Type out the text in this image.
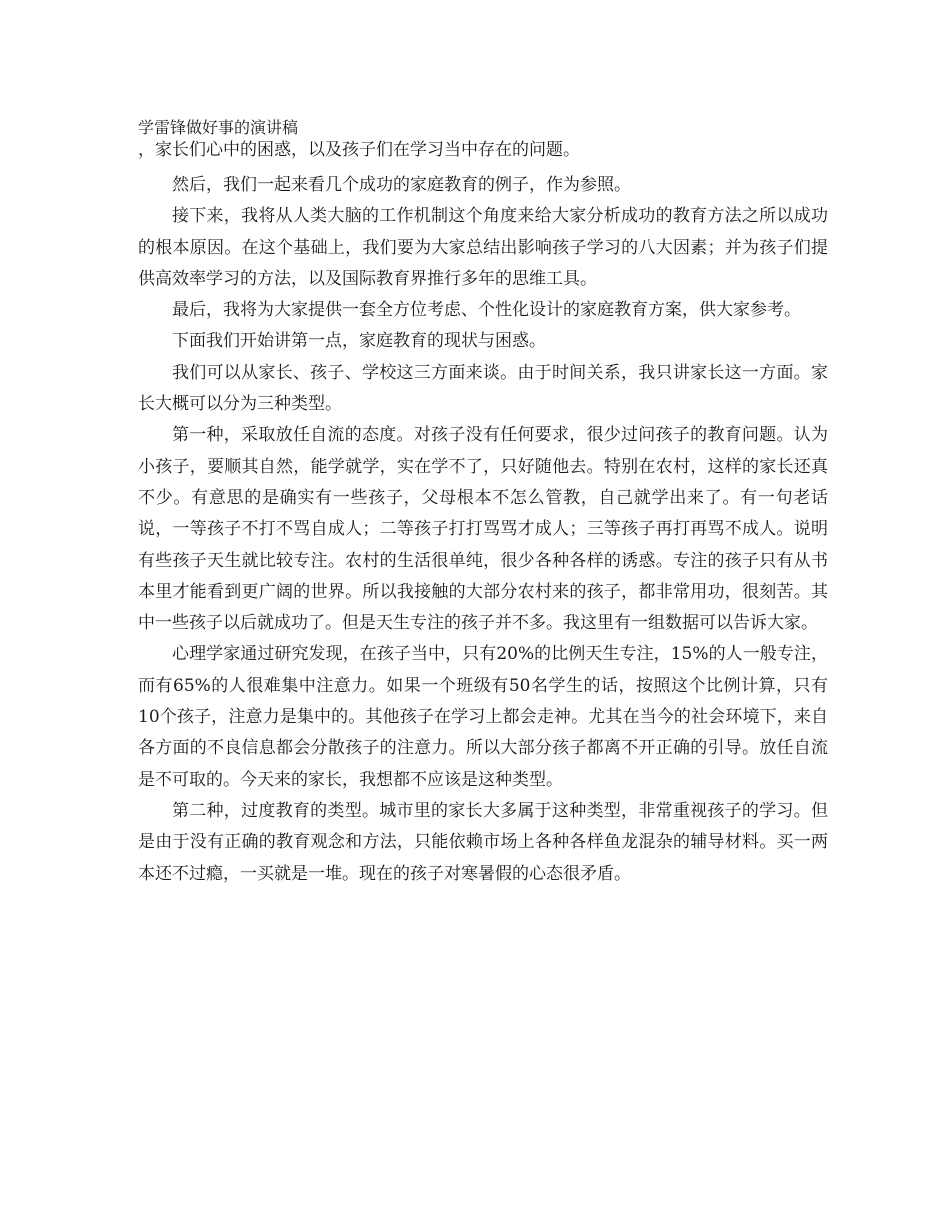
学雷锋做好事的演讲稿

，家长们心中的困惑，以及孩子们在学习当中存在的问题。

然后，我们一起来看几个成功的家庭教育的例子，作为参照。

接下来，我将从人类大脑的工作机制这个角度来给大家分析成功的教育方法之所以成功的根本原因。在这个基础上，我们要为大家总结出影响孩子学习的八大因素；并为孩子们提供高效率学习的方法，以及国际教育界推行多年的思维工具。

最后，我将为大家提供一套全方位考虑、个性化设计的家庭教育方案，供大家参考。

下面我们开始讲第一点，家庭教育的现状与困惑。

我们可以从家长、孩子、学校这三方面来谈。由于时间关系，我只讲家长这一方面。家长大概可以分为三种类型。

第一种，采取放任自流的态度。对孩子没有任何要求，很少过问孩子的教育问题。认为小孩子，要顺其自然，能学就学，实在学不了，只好随他去。特别在农村，这样的家长还真不少。有意思的是确实有一些孩子，父母根本不怎么管教，自己就学出来了。有一句老话说，一等孩子不打不骂自成人；二等孩子打打骂骂才成人；三等孩子再打再骂不成人。说明有些孩子天生就比较专注。农村的生活很单纯，很少各种各样的诱惑。专注的孩子只有从书本里才能看到更广阔的世界。所以我接触的大部分农村来的孩子，都非常用功，很刻苦。其中一些孩子以后就成功了。但是天生专注的孩子并不多。我这里有一组数据可以告诉大家。

心理学家通过研究发现，在孩子当中，只有20%的比例天生专注，15%的人一般专注，而有65%的人很难集中注意力。如果一个班级有50名学生的话，按照这个比例计算，只有10个孩子，注意力是集中的。其他孩子在学习上都会走神。尤其在当今的社会环境下，来自各方面的不良信息都会分散孩子的注意力。所以大部分孩子都离不开正确的引导。放任自流是不可取的。今天来的家长，我想都不应该是这种类型。

第二种，过度教育的类型。城市里的家长大多属于这种类型，非常重视孩子的学习。但是由于没有正确的教育观念和方法，只能依赖市场上各种各样鱼龙混杂的辅导材料。买一两本还不过瘾，一买就是一堆。现在的孩子对寒暑假的心态很矛盾。
